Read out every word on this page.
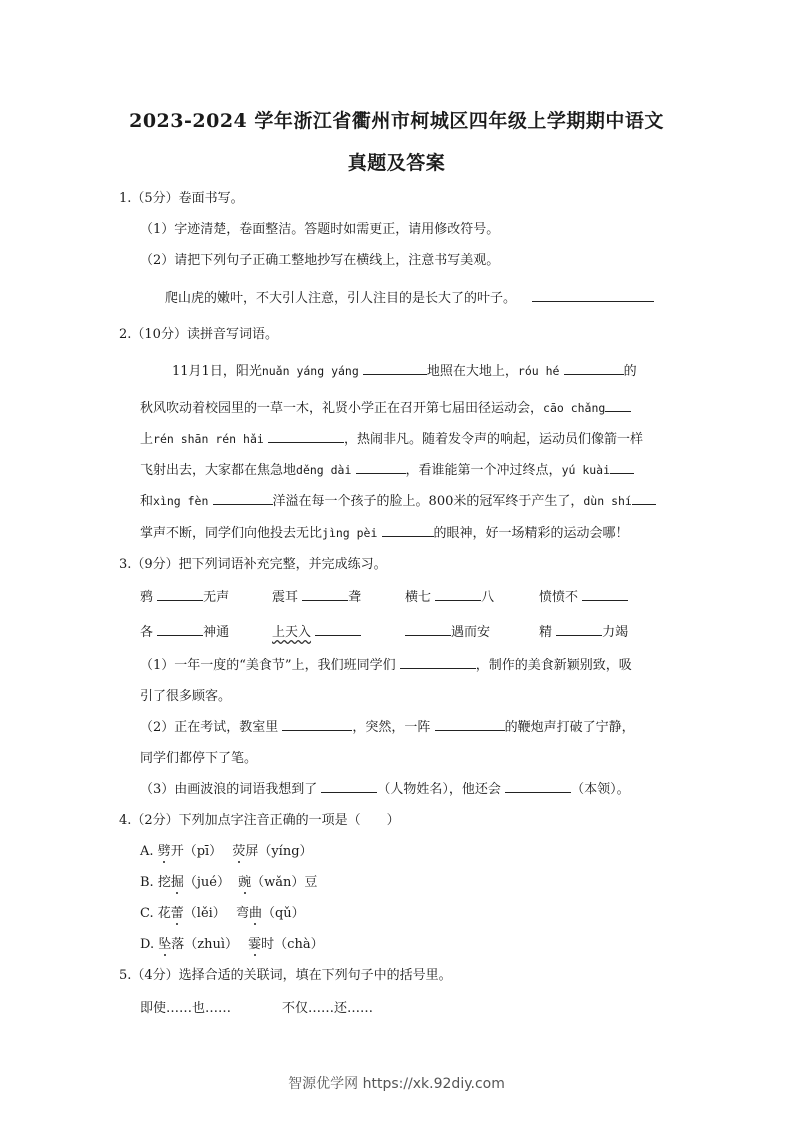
2023-2024 学年浙江省衢州市柯城区四年级上学期期中语文
真题及答案
1.（5分）卷面书写。
（1）字迹清楚，卷面整洁。答题时如需更正，请用修改符号。
（2）请把下列句子正确工整地抄写在横线上，注意书写美观。
爬山虎的嫩叶，不大引人注意，引人注目的是长大了的叶子。
2.（10分）读拼音写词语。
11月1日，阳光nuǎn yáng yáng	地照在大地上，róu hé	的
秋风吹动着校园里的一草一木，礼贤小学正在召开第七届田径运动会，cāo chǎng
上rén shān rén hǎi	，热闹非凡。随着发令声的响起，运动员们像箭一样
飞射出去，大家都在焦急地děng dài	，看谁能第一个冲过终点，yú kuài
和xìng fèn	洋溢在每一个孩子的脸上。800米的冠军终于产生了，dùn shí
掌声不断，同学们向他投去无比jìng pèi	的眼神，好一场精彩的运动会哪！
3.（9分）把下列词语补充完整，并完成练习。
鸦	无声	震耳	聋	横七	八	愤愤不
各	神通	上天入	遇而安	精	力竭
（1）一年一度的“美食节”上，我们班同学们	，制作的美食新颖别致，吸
引了很多顾客。
（2）正在考试，教室里	，突然，一阵	的鞭炮声打破了宁静，
同学们都停下了笔。
（3）由画波浪的词语我想到了	（人物姓名），他还会	（本领）。
4.（2分）下列加点字注音正确的一项是（　　）
A. 劈开（pī） 荧屏（yíng）
B. 挖掘（jué） 豌（wǎn）豆
C. 花蕾（lěi） 弯曲（qǔ）
D. 坠落（zhuì） 霎时（chà）
5.（4分）选择合适的关联词，填在下列句子中的括号里。
即使……也……	不仅……还……
智源优学网 https://xk.92diy.com
